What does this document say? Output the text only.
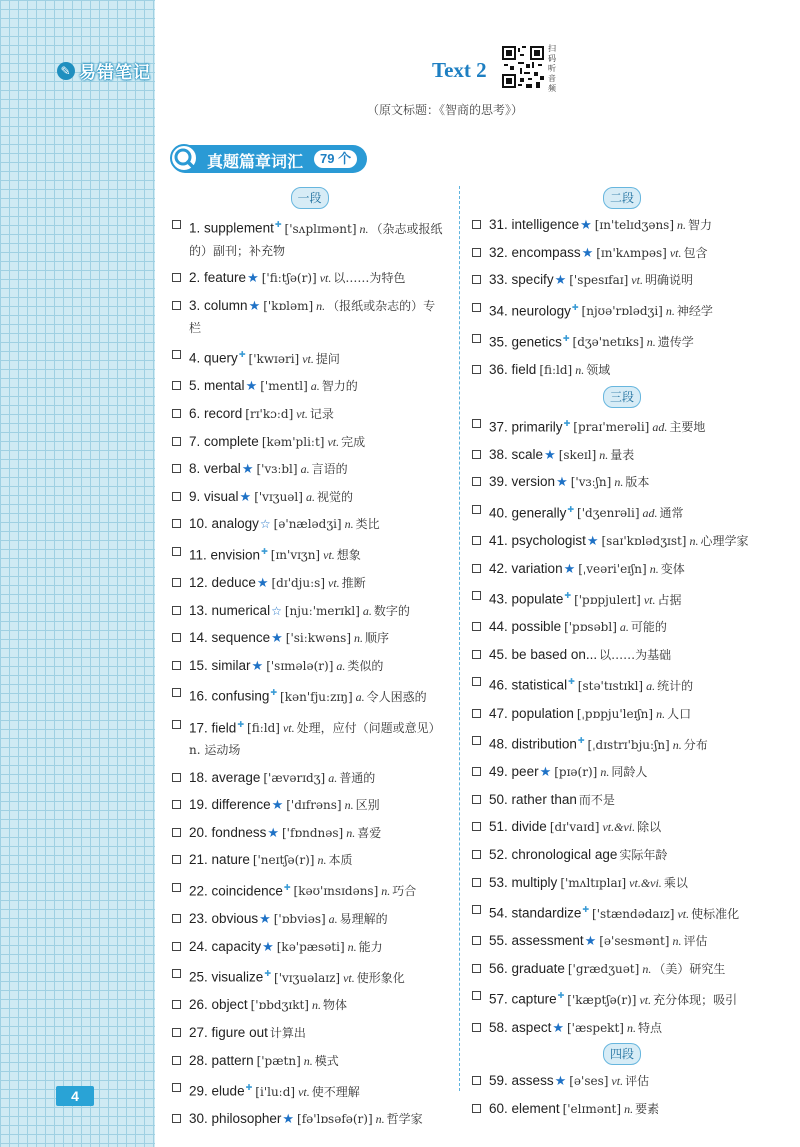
✎ 易错笔记
4
Text 2
扫码听音频
（原文标题：《智商的思考》）
真题篇章词汇	79 个
一段
1. supplement✚ ['sʌplɪmənt] n. （杂志或报纸的）副刊；补充物
2. feature★ ['fiːtʃə(r)] vt. 以……为特色
3. column★ ['kɒləm] n. （报纸或杂志的）专栏
4. query✚ ['kwɪəri] vt. 提问
5. mental★ ['mentl] a. 智力的
6. record [rɪ'kɔːd] vt. 记录
7. complete [kəm'pliːt] vt. 完成
8. verbal★ ['vɜːbl] a. 言语的
9. visual★ ['vɪʒuəl] a. 视觉的
10. analogy☆ [ə'nælədʒi] n. 类比
11. envision✚ [ɪn'vɪʒn] vt. 想象
12. deduce★ [dɪ'djuːs] vt. 推断
13. numerical☆ [njuː'merɪkl] a. 数字的
14. sequence★ ['siːkwəns] n. 顺序
15. similar★ ['sɪmələ(r)] a. 类似的
16. confusing✚ [kən'fjuːzɪŋ] a. 令人困惑的
17. field✚ [fiːld] vt. 处理，应付（问题或意见）n. 运动场
18. average ['ævərɪdʒ] a. 普通的
19. difference★ ['dɪfrəns] n. 区别
20. fondness★ ['fɒndnəs] n. 喜爱
21. nature ['neɪtʃə(r)] n. 本质
22. coincidence✚ [kəʊ'ɪnsɪdəns] n. 巧合
23. obvious★ ['ɒbviəs] a. 易理解的
24. capacity★ [kə'pæsəti] n. 能力
25. visualize✚ ['vɪʒuəlaɪz] vt. 使形象化
26. object ['ɒbdʒɪkt] n. 物体
27. figure out 计算出
28. pattern ['pætn] n. 模式
29. elude✚ [i'luːd] vt. 使不理解
30. philosopher★ [fə'lɒsəfə(r)] n. 哲学家
二段
31. intelligence★ [ɪn'telɪdʒəns] n. 智力
32. encompass★ [ɪn'kʌmpəs] vt. 包含
33. specify★ ['spesɪfaɪ] vt. 明确说明
34. neurology✚ [njʊə'rɒlədʒi] n. 神经学
35. genetics✚ [dʒə'netɪks] n. 遗传学
36. field [fiːld] n. 领域
三段
37. primarily✚ [praɪ'merəli] ad. 主要地
38. scale★ [skeɪl] n. 量表
39. version★ ['vɜːʃn] n. 版本
40. generally✚ ['dʒenrəli] ad. 通常
41. psychologist★ [saɪ'kɒlədʒɪst] n. 心理学家
42. variation★ [ˌveəri'eɪʃn] n. 变体
43. populate✚ ['pɒpjuleɪt] vt. 占据
44. possible ['pɒsəbl] a. 可能的
45. be based on... 以……为基础
46. statistical✚ [stə'tɪstɪkl] a. 统计的
47. population [ˌpɒpju'leɪʃn] n. 人口
48. distribution✚ [ˌdɪstrɪ'bjuːʃn] n. 分布
49. peer★ [pɪə(r)] n. 同龄人
50. rather than 而不是
51. divide [dɪ'vaɪd] vt.&vi. 除以
52. chronological age 实际年龄
53. multiply ['mʌltɪplaɪ] vt.&vi. 乘以
54. standardize✚ ['stændədaɪz] vt. 使标准化
55. assessment★ [ə'sesmənt] n. 评估
56. graduate ['grædʒuət] n. （美）研究生
57. capture✚ ['kæptʃə(r)] vt. 充分体现；吸引
58. aspect★ ['æspekt] n. 特点
四段
59. assess★ [ə'ses] vt. 评估
60. element ['elɪmənt] n. 要素
